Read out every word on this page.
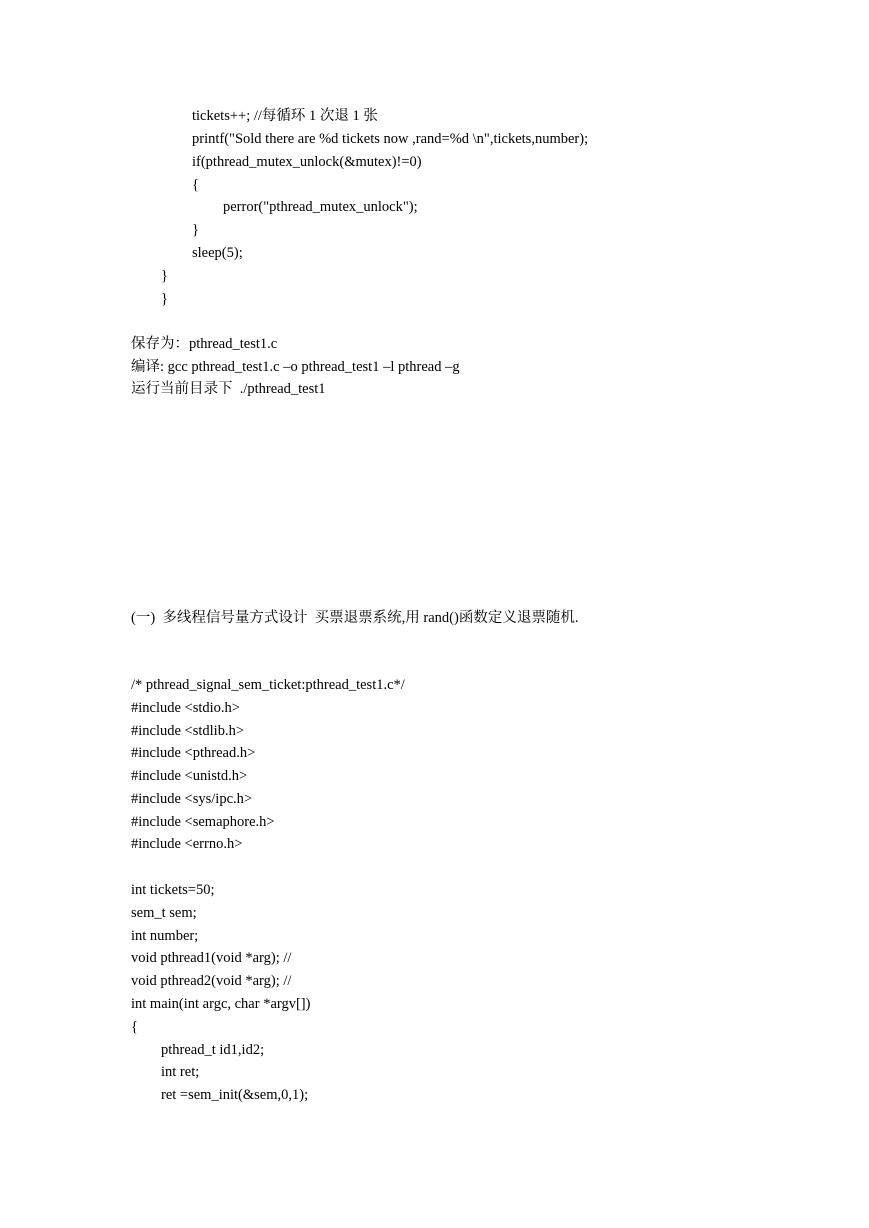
tickets++; //每循环 1 次退 1 张
printf("Sold there are %d tickets now ,rand=%d \n",tickets,number);
if(pthread_mutex_unlock(&mutex)!=0)
{
perror("pthread_mutex_unlock");
}
sleep(5);
}
}
保存为：pthread_test1.c
编译: gcc pthread_test1.c –o pthread_test1 –l pthread –g
运行当前目录下  ./pthread_test1
(一)  多线程信号量方式设计  买票退票系统,用 rand()函数定义退票随机.
/* pthread_signal_sem_ticket:pthread_test1.c*/
#include <stdio.h>
#include <stdlib.h>
#include <pthread.h>
#include <unistd.h>
#include <sys/ipc.h>
#include <semaphore.h>
#include <errno.h>
int tickets=50;
sem_t sem;
int number;
void pthread1(void *arg); //
void pthread2(void *arg); //
int main(int argc, char *argv[])
{
pthread_t id1,id2;
int ret;
ret =sem_init(&sem,0,1);
